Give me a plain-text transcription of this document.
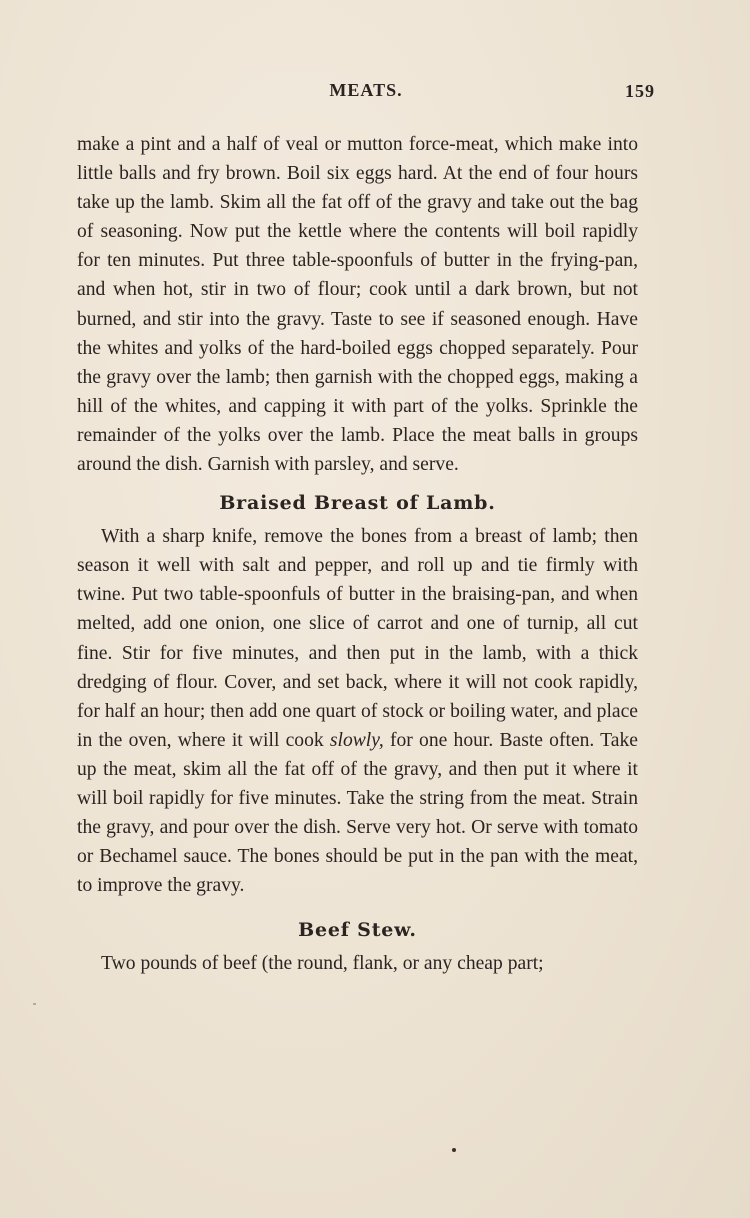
MEATS.	159

make a pint and a half of veal or mutton force-meat, which make into little balls and fry brown. Boil six eggs hard. At the end of four hours take up the lamb. Skim all the fat off of the gravy and take out the bag of seasoning. Now put the kettle where the contents will boil rapidly for ten minutes. Put three table-spoonfuls of butter in the frying-pan, and when hot, stir in two of flour; cook until a dark brown, but not burned, and stir into the gravy. Taste to see if seasoned enough. Have the whites and yolks of the hard-boiled eggs chopped separately. Pour the gravy over the lamb; then garnish with the chopped eggs, making a hill of the whites, and capping it with part of the yolks. Sprinkle the remainder of the yolks over the lamb. Place the meat balls in groups around the dish. Garnish with parsley, and serve.

Braised Breast of Lamb.

With a sharp knife, remove the bones from a breast of lamb; then season it well with salt and pepper, and roll up and tie firmly with twine. Put two table-spoonfuls of butter in the braising-pan, and when melted, add one onion, one slice of carrot and one of turnip, all cut fine. Stir for five minutes, and then put in the lamb, with a thick dredging of flour. Cover, and set back, where it will not cook rapidly, for half an hour; then add one quart of stock or boiling water, and place in the oven, where it will cook slowly, for one hour. Baste often. Take up the meat, skim all the fat off of the gravy, and then put it where it will boil rapidly for five minutes. Take the string from the meat. Strain the gravy, and pour over the dish. Serve very hot. Or serve with tomato or Bechamel sauce. The bones should be put in the pan with the meat, to improve the gravy.

Beef Stew.

Two pounds of beef (the round, flank, or any cheap part;
